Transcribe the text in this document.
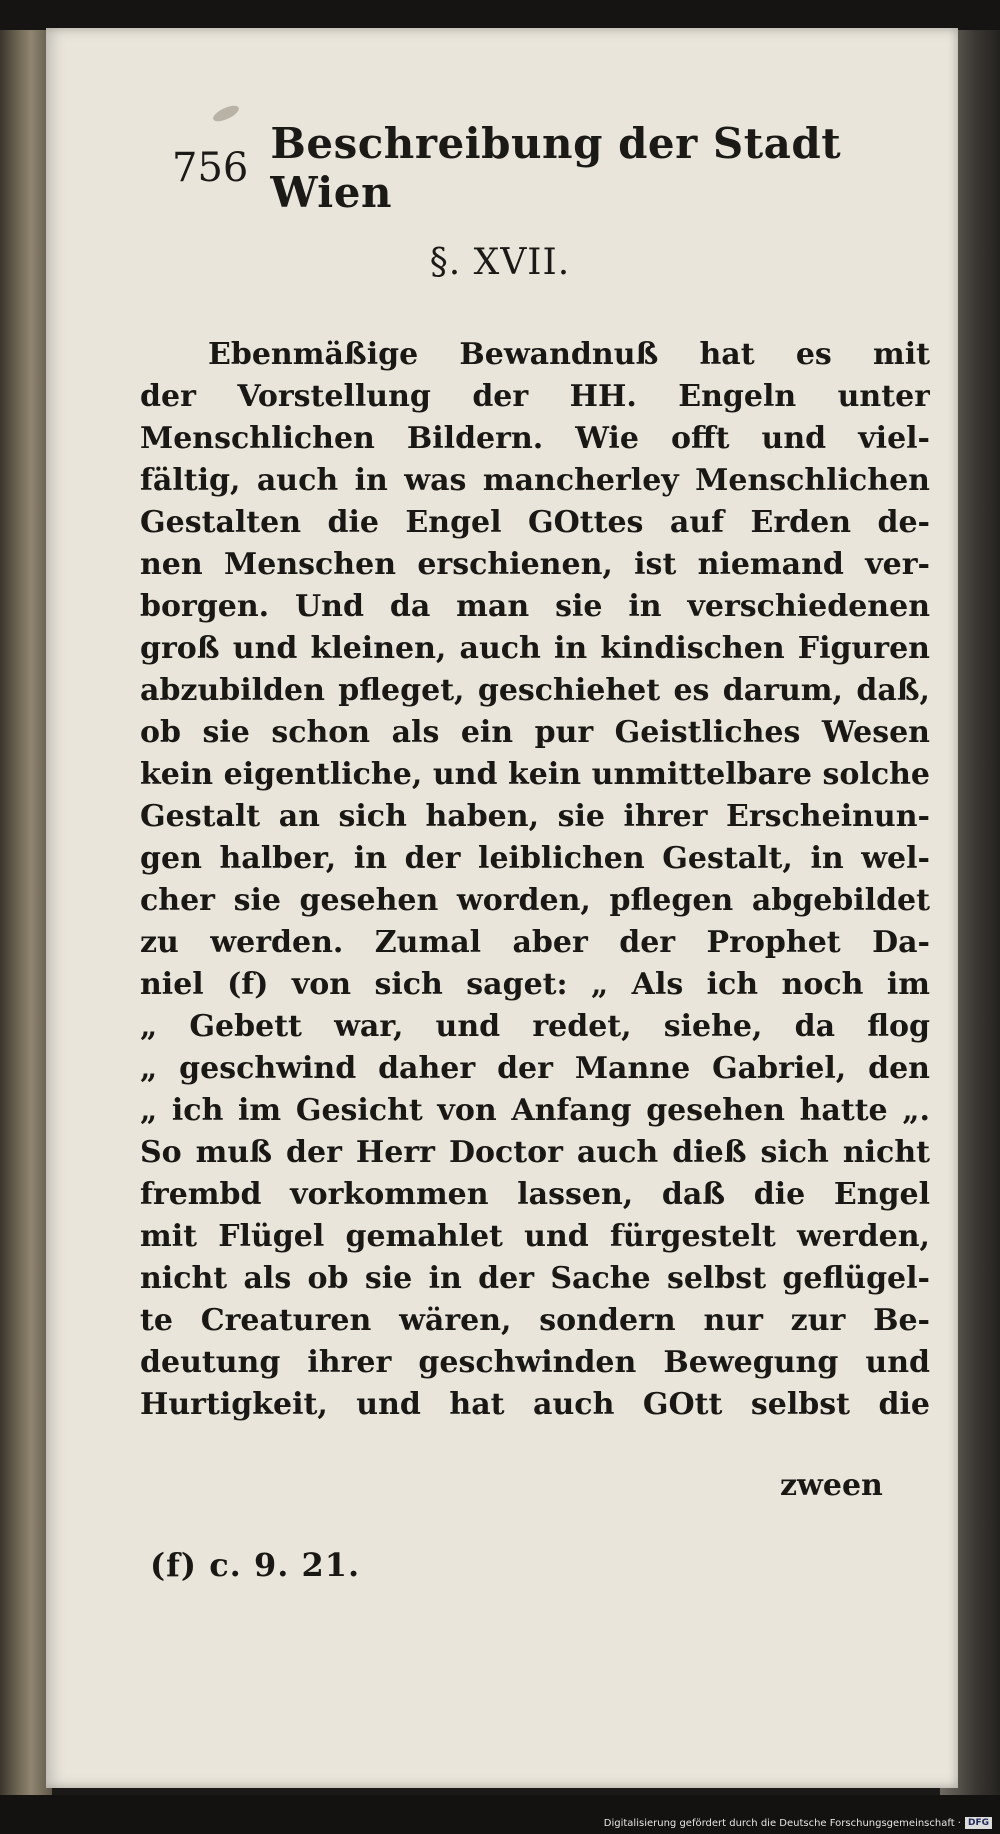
756 Beschreibung der Stadt Wien
§. XVII.
Ebenmäßige Bewandnuß hat es mit
der Vorstellung der HH. Engeln unter
Menschlichen Bildern. Wie offt und viel-
fältig, auch in was mancherley Menschlichen
Gestalten die Engel GOttes auf Erden de-
nen Menschen erschienen, ist niemand ver-
borgen. Und da man sie in verschiedenen
groß und kleinen, auch in kindischen Figuren
abzubilden pfleget, geschiehet es darum, daß,
ob sie schon als ein pur Geistliches Wesen
kein eigentliche, und kein unmittelbare solche
Gestalt an sich haben, sie ihrer Erscheinun-
gen halber, in der leiblichen Gestalt, in wel-
cher sie gesehen worden, pflegen abgebildet
zu werden. Zumal aber der Prophet Da-
niel (f) von sich saget: „ Als ich noch im
„ Gebett war, und redet, siehe, da flog
„ geschwind daher der Manne Gabriel, den
„ ich im Gesicht von Anfang gesehen hatte „.
So muß der Herr Doctor auch dieß sich nicht
frembd vorkommen lassen, daß die Engel
mit Flügel gemahlet und fürgestelt werden,
nicht als ob sie in der Sache selbst geflügel-
te Creaturen wären, sondern nur zur Be-
deutung ihrer geschwinden Bewegung und
Hurtigkeit, und hat auch GOtt selbst die
zween
(f) c. 9. 21.
Digitalisierung gefördert durch die Deutsche Forschungsgemeinschaft · DFG
